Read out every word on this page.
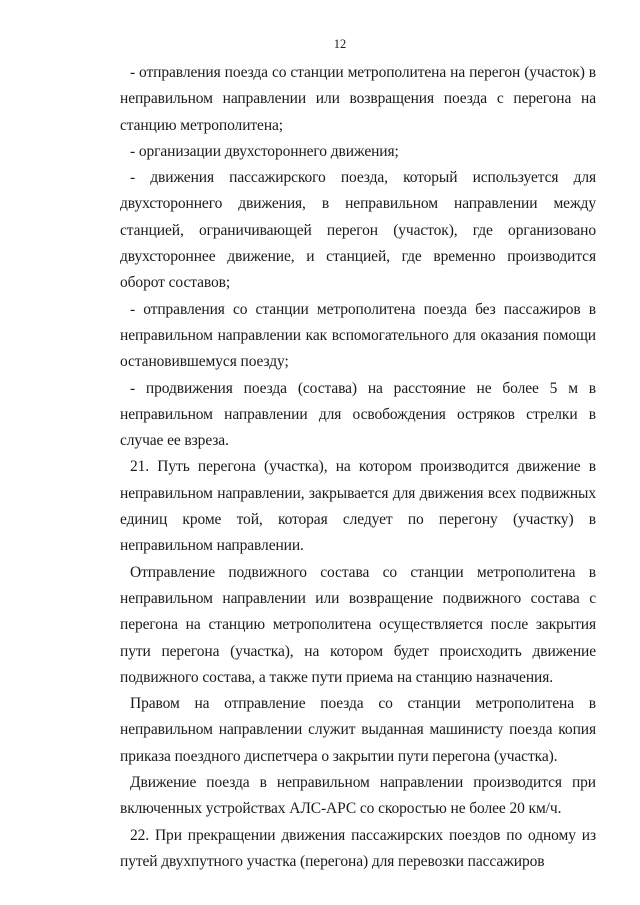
12

- отправления поезда со станции метрополитена на перегон (участок) в неправильном направлении или возвращения поезда с перегона на станцию метрополитена;

- организации двухстороннего движения;

- движения пассажирского поезда, который используется для двухстороннего движения, в неправильном направлении между станцией, ограничивающей перегон (участок), где организовано двухстороннее движение, и станцией, где временно производится оборот составов;

- отправления со станции метрополитена поезда без пассажиров в неправильном направлении как вспомогательного для оказания помощи остановившемуся поезду;

- продвижения поезда (состава) на расстояние не более 5 м в неправильном направлении для освобождения остряков стрелки в случае ее взреза.

21. Путь перегона (участка), на котором производится движение в неправильном направлении, закрывается для движения всех подвижных единиц кроме той, которая следует по перегону (участку) в неправильном направлении.

Отправление подвижного состава со станции метрополитена в неправильном направлении или возвращение подвижного состава с перегона на станцию метрополитена осуществляется после закрытия пути перегона (участка), на котором будет происходить движение подвижного состава, а также пути приема на станцию назначения.

Правом на отправление поезда со станции метрополитена в неправильном направлении служит выданная машинисту поезда копия приказа поездного диспетчера о закрытии пути перегона (участка).

Движение поезда в неправильном направлении производится при включенных устройствах АЛС-АРС со скоростью не более 20 км/ч.

22. При прекращении движения пассажирских поездов по одному из путей двухпутного участка (перегона) для перевозки пассажиров
